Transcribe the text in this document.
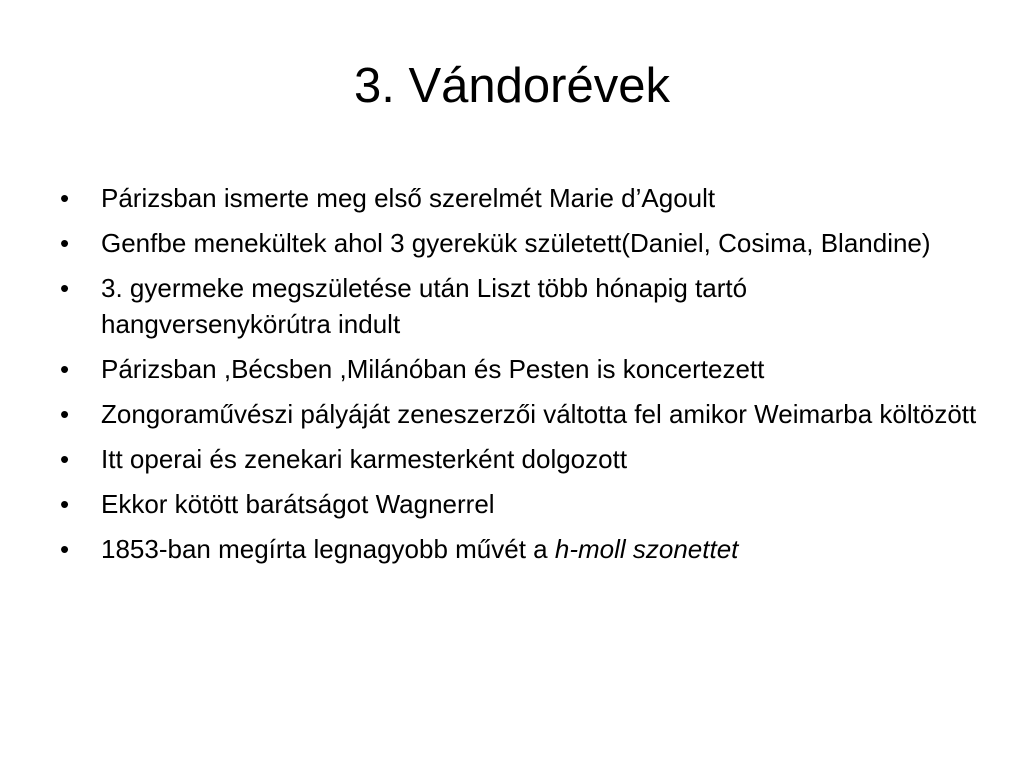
3. Vándorévek
•	Párizsban ismerte meg első szerelmét Marie d’Agoult
•	Genfbe menekültek ahol 3 gyerekük született(Daniel, Cosima, Blandine)
•	3. gyermeke megszületése után Liszt több hónapig tartó hangversenykörútra indult
•	Párizsban ,Bécsben ,Milánóban és Pesten is koncertezett
•	Zongoraművészi pályáját zeneszerzői váltotta fel amikor Weimarba költözött
•	Itt operai és zenekari karmesterként dolgozott
•	Ekkor kötött barátságot Wagnerrel
•	1853-ban megírta legnagyobb művét a h-moll szonettet
